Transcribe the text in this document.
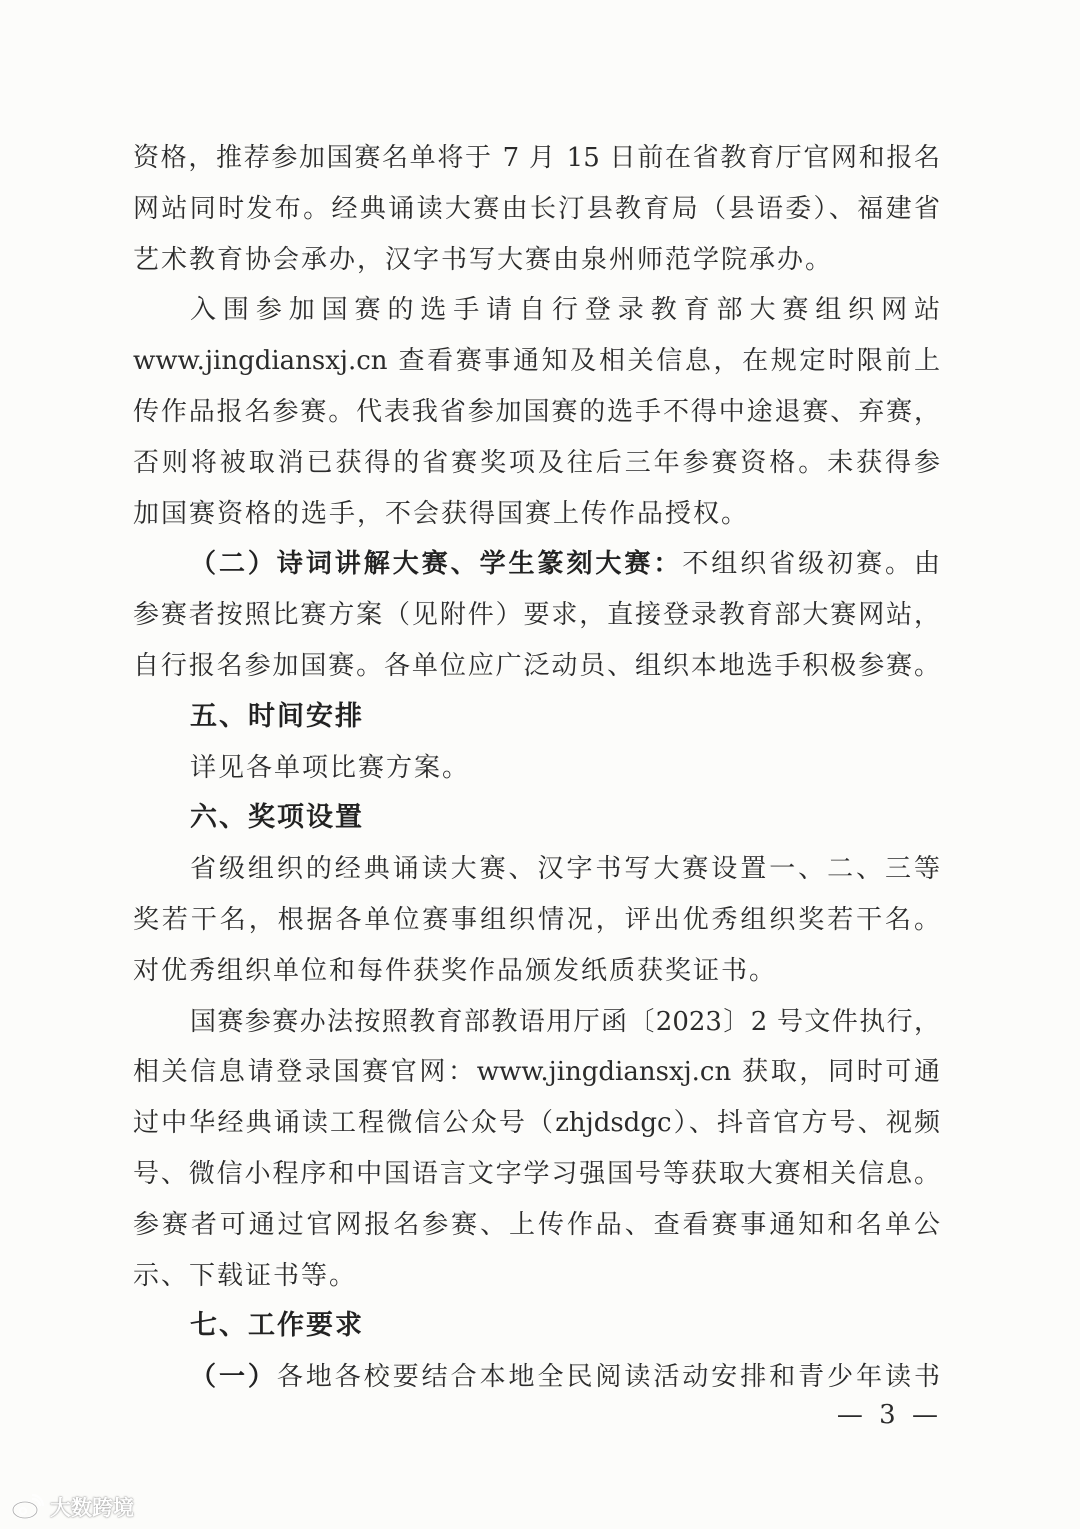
资格，推荐参加国赛名单将于 7 月 15 日前在省教育厅官网和报名
网站同时发布。经典诵读大赛由长汀县教育局（县语委）、福建省
艺术教育协会承办，汉字书写大赛由泉州师范学院承办。
入围参加国赛的选手请自行登录教育部大赛组织网站
www.jingdiansxj.cn 查看赛事通知及相关信息，在规定时限前上
传作品报名参赛。代表我省参加国赛的选手不得中途退赛、弃赛，
否则将被取消已获得的省赛奖项及往后三年参赛资格。未获得参
加国赛资格的选手，不会获得国赛上传作品授权。
（二）诗词讲解大赛、学生篆刻大赛：不组织省级初赛。由
参赛者按照比赛方案（见附件）要求，直接登录教育部大赛网站，
自行报名参加国赛。各单位应广泛动员、组织本地选手积极参赛。
五、时间安排
详见各单项比赛方案。
六、奖项设置
省级组织的经典诵读大赛、汉字书写大赛设置一、二、三等
奖若干名，根据各单位赛事组织情况，评出优秀组织奖若干名。
对优秀组织单位和每件获奖作品颁发纸质获奖证书。
国赛参赛办法按照教育部教语用厅函〔2023〕2 号文件执行，
相关信息请登录国赛官网：www.jingdiansxj.cn 获取，同时可通
过中华经典诵读工程微信公众号（zhjdsdgc）、抖音官方号、视频
号、微信小程序和中国语言文字学习强国号等获取大赛相关信息。
参赛者可通过官网报名参赛、上传作品、查看赛事通知和名单公
示、下载证书等。
七、工作要求
（一）各地各校要结合本地全民阅读活动安排和青少年读书
— 3 —
大数跨境
